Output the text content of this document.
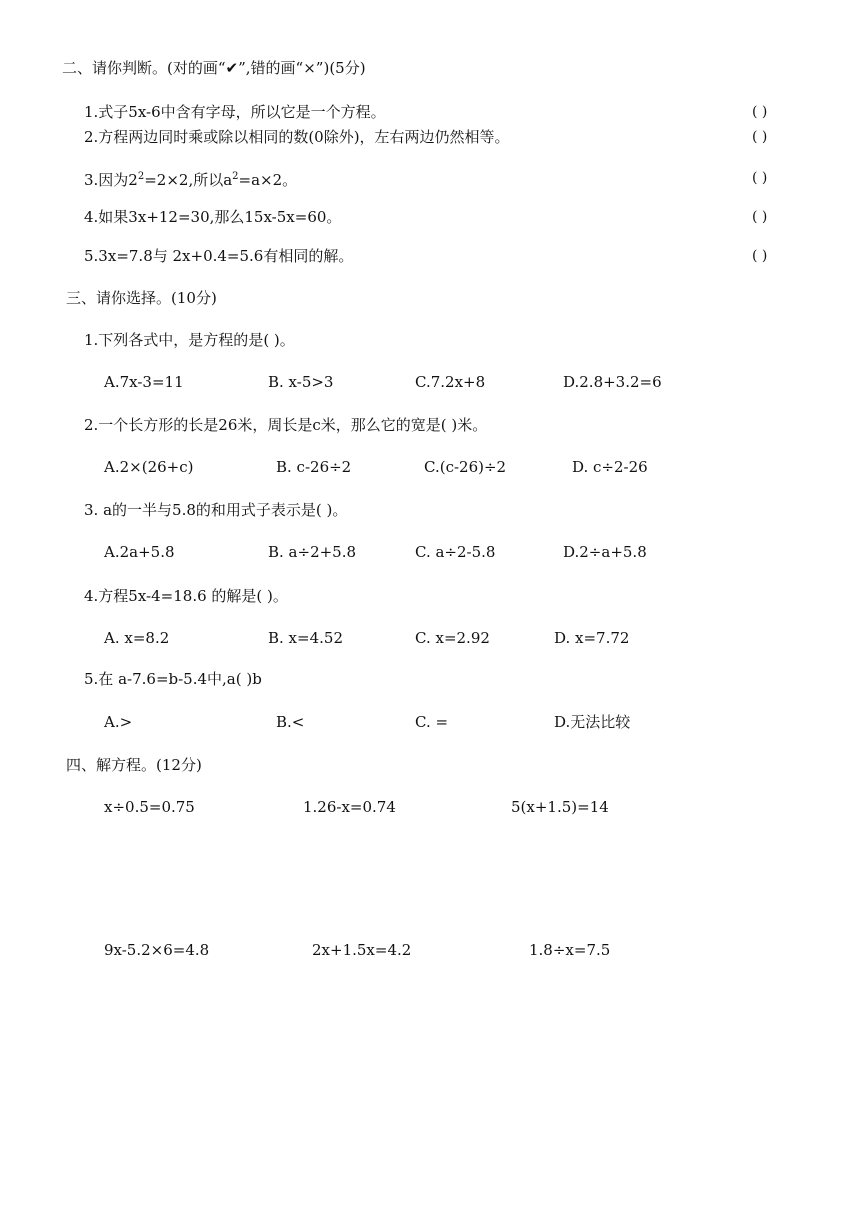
二、请你判断。(对的画“✔”,错的画“×”)(5分)
1.式子5x-6中含有字母，所以它是一个方程。	( )
2.方程两边同时乘或除以相同的数(0除外)，左右两边仍然相等。	( )
3.因为$2^2=2\times 2$,所以$a^2=a\times 2$。	( )
4.如果3x+12=30,那么15x-5x=60。	( )
5.3x=7.8与 2x+0.4=5.6有相同的解。	( )
三、请你选择。(10分)
1.下列各式中，是方程的是( )。
A.7x-3=11	B. x-5>3	C.7.2x+8	D.2.8+3.2=6
2.一个长方形的长是26米，周长是c米，那么它的宽是( )米。
A.2×(26+c)	B. c-26÷2	C.(c-26)÷2	D. c÷2-26
3. a的一半与5.8的和用式子表示是( )。
A.2a+5.8	B. a÷2+5.8	C. a÷2-5.8	D.2÷a+5.8
4.方程5x-4=18.6 的解是( )。
A. x=8.2	B. x=4.52	C. x=2.92	D. x=7.72
5.在 a-7.6=b-5.4中,a( )b
A.>	B.<	C. =	D.无法比较
四、解方程。(12分)
x÷0.5=0.75	1.26-x=0.74	5(x+1.5)=14
9x-5.2×6=4.8	2x+1.5x=4.2	1.8÷x=7.5
